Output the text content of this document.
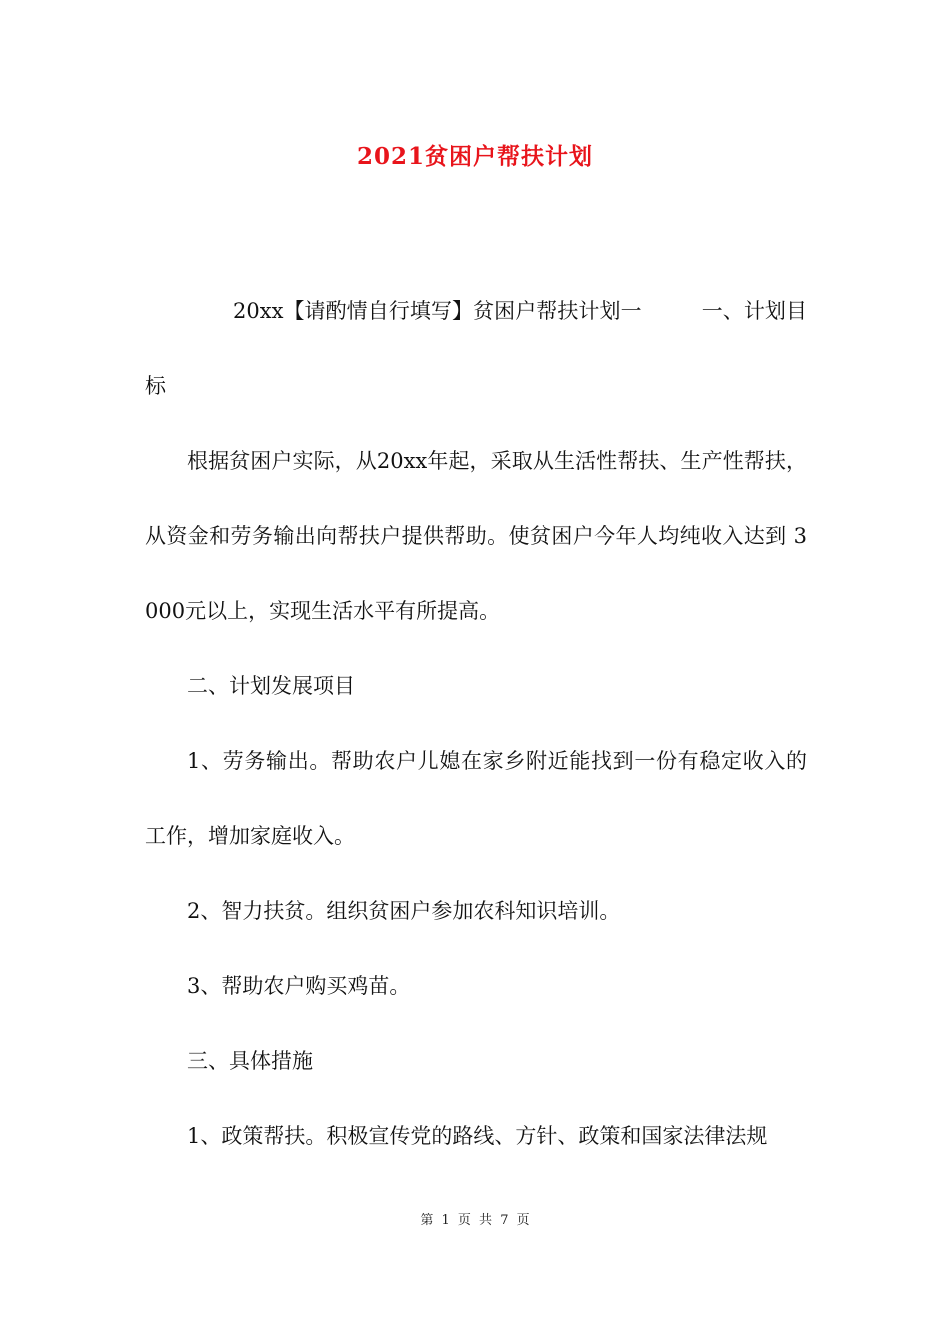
2021贫困户帮扶计划

20xx【请酌情自行填写】贫困户帮扶计划一	一、计划目标

根据贫困户实际，从20xx年起，采取从生活性帮扶、生产性帮扶，从资金和劳务输出向帮扶户提供帮助。使贫困户今年人均纯收入达到 3000元以上，实现生活水平有所提高。

二、计划发展项目

1、劳务输出。帮助农户儿媳在家乡附近能找到一份有稳定收入的工作，增加家庭收入。

2、智力扶贫。组织贫困户参加农科知识培训。

3、帮助农户购买鸡苗。

三、具体措施

1、政策帮扶。积极宣传党的路线、方针、政策和国家法律法规

第 1 页 共 7 页
